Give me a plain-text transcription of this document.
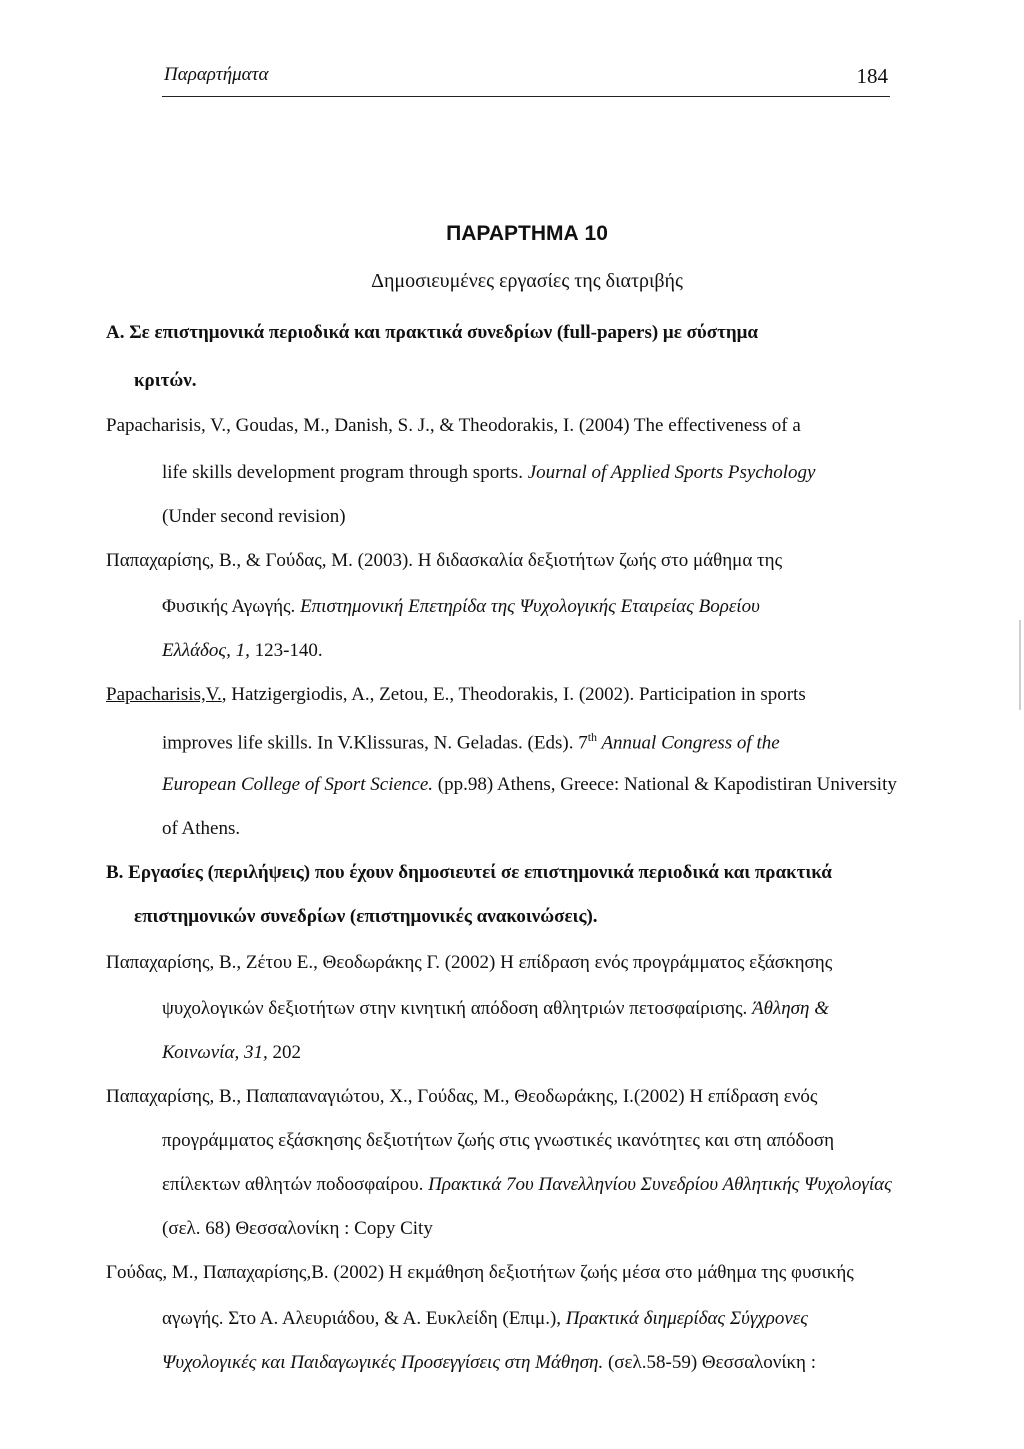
Παραρτήματα	184
ΠΑΡΑΡΤΗΜΑ 10
Δημοσιευμένες εργασίες της διατριβής
Α. Σε επιστημονικά περιοδικά και πρακτικά συνεδρίων (full-papers) με σύστημα
κριτών.
Papacharisis, V., Goudas, M., Danish, S. J., & Theodorakis, I. (2004) The effectiveness of a
life skills development program through sports. Journal of Applied Sports Psychology
(Under second revision)
Παπαχαρίσης, Β., & Γούδας, Μ. (2003). Η διδασκαλία δεξιοτήτων ζωής στο μάθημα της
Φυσικής Αγωγής. Επιστημονική Επετηρίδα της Ψυχολογικής Εταιρείας Βορείου
Ελλάδος, 1, 123-140.
Papacharisis,V., Hatzigergiodis, A., Zetou, E., Theodorakis, I. (2002). Participation in sports
improves life skills. In V.Klissuras, N. Geladas. (Eds). 7th Annual Congress of the
European College of Sport Science. (pp.98) Athens, Greece: National & Kapodistiran University
of Athens.
Β. Εργασίες (περιλήψεις) που έχουν δημοσιευτεί σε επιστημονικά περιοδικά και πρακτικά
επιστημονικών συνεδρίων (επιστημονικές ανακοινώσεις).
Παπαχαρίσης, Β., Ζέτου Ε., Θεοδωράκης Γ. (2002) Η επίδραση ενός προγράμματος εξάσκησης
ψυχολογικών δεξιοτήτων στην κινητική απόδοση αθλητριών πετοσφαίρισης. Άθληση &
Κοινωνία, 31, 202
Παπαχαρίσης, Β., Παπαπαναγιώτου, Χ., Γούδας, Μ., Θεοδωράκης, Ι.(2002) Η επίδραση ενός
προγράμματος εξάσκησης δεξιοτήτων ζωής στις γνωστικές ικανότητες και στη απόδοση
επίλεκτων αθλητών ποδοσφαίρου. Πρακτικά 7ου Πανελληνίου Συνεδρίου Αθλητικής Ψυχολογίας
(σελ. 68) Θεσσαλονίκη : Copy City
Γούδας, Μ., Παπαχαρίσης,Β. (2002) Η εκμάθηση δεξιοτήτων ζωής μέσα στο μάθημα της φυσικής
αγωγής. Στο Α. Αλευριάδου, & Α. Ευκλείδη (Επιμ.), Πρακτικά διημερίδας Σύγχρονες
Ψυχολογικές και Παιδαγωγικές Προσεγγίσεις στη Μάθηση. (σελ.58-59) Θεσσαλονίκη :
